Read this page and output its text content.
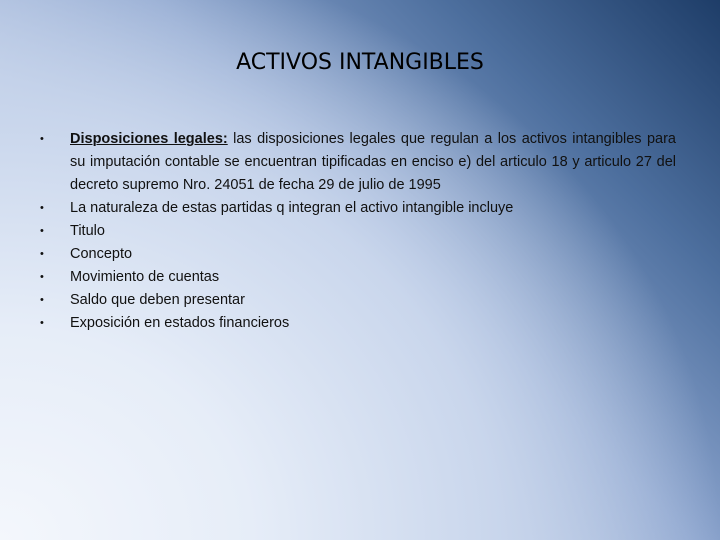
ACTIVOS INTANGIBLES
• Disposiciones legales: las disposiciones legales que regulan a los activos intangibles para su imputación contable se encuentran tipificadas en enciso e) del articulo 18 y articulo 27 del decreto supremo Nro. 24051 de fecha 29 de julio de 1995
• La naturaleza de estas partidas q integran el activo intangible incluye
• Titulo
• Concepto
• Movimiento de cuentas
• Saldo que deben presentar
• Exposición en estados financieros
